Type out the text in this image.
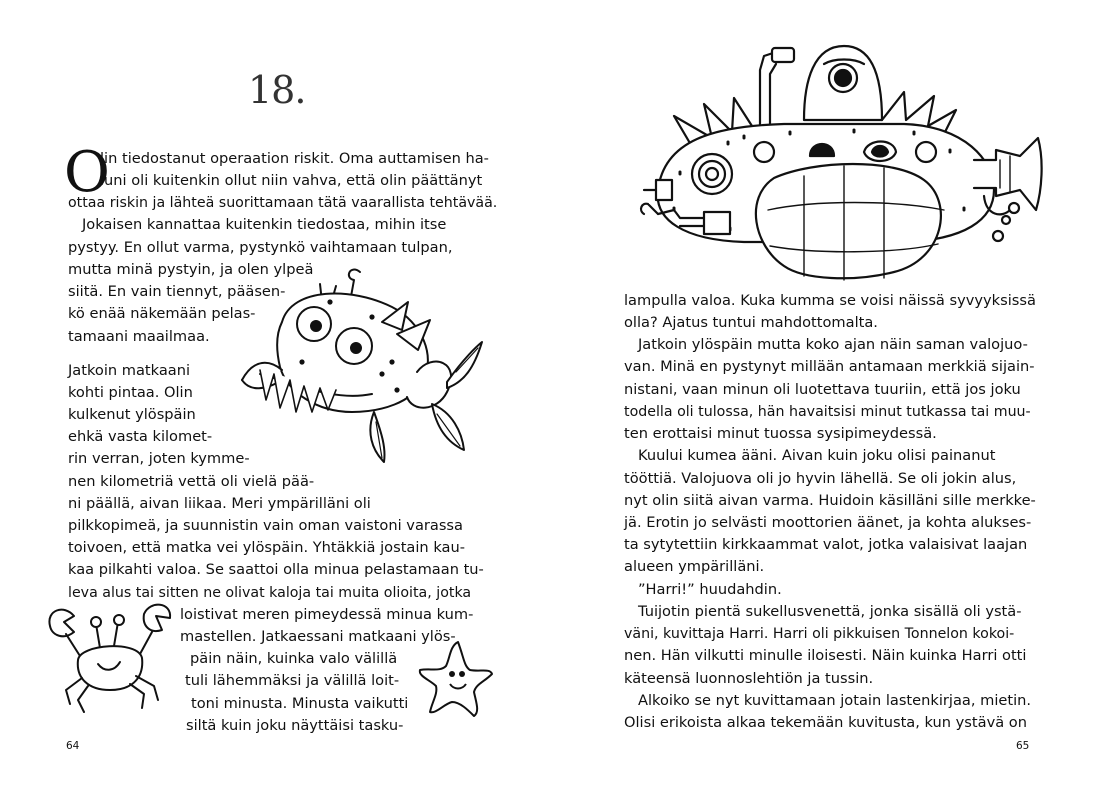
18.
O
lin tiedostanut operaation riskit. Oma auttamisen ha-
luni oli kuitenkin ollut niin vahva, että olin päättänyt
ottaa riskin ja lähteä suorittamaan tätä vaarallista tehtävää.
Jokaisen kannattaa kuitenkin tiedostaa, mihin itse
pystyy. En ollut varma, pystynkö vaihtamaan tulpan,
mutta minä pystyin, ja olen ylpeä
siitä. En vain tiennyt, pääsen-
kö enää näkemään pelas-
tamaani maailmaa.
Jatkoin matkaani
kohti pintaa. Olin
kulkenut ylöspäin
ehkä vasta kilomet-
rin verran, joten kymme-
nen kilometriä vettä oli vielä pää-
ni päällä, aivan liikaa. Meri ympärilläni oli
pilkkopimeä, ja suunnistin vain oman vaistoni varassa
toivoen, että matka vei ylöspäin. Yhtäkkiä jostain kau-
kaa pilkahti valoa. Se saattoi olla minua pelastamaan tu-
leva alus tai sitten ne olivat kaloja tai muita olioita, jotka
loistivat meren pimeydessä minua kum-
mastellen. Jatkaessani matkaani ylös-
päin näin, kuinka valo välillä
tuli lähemmäksi ja välillä loit-
toni minusta. Minusta vaikutti
siltä kuin joku näyttäisi tasku-
64
lampulla valoa. Kuka kumma se voisi näissä syvyyksissä
olla? Ajatus tuntui mahdottomalta.
Jatkoin ylöspäin mutta koko ajan näin saman valojuo-
van. Minä en pystynyt millään antamaan merkkiä sijain-
nistani, vaan minun oli luotettava tuuriin, että jos joku
todella oli tulossa, hän havaitsisi minut tutkassa tai muu-
ten erottaisi minut tuossa sysipimeydessä.
Kuului kumea ääni. Aivan kuin joku olisi painanut
tööttiä. Valojuova oli jo hyvin lähellä. Se oli jokin alus,
nyt olin siitä aivan varma. Huidoin käsilläni sille merkke-
jä. Erotin jo selvästi moottorien äänet, ja kohta alukses-
ta sytytettiin kirkkaammat valot, jotka valaisivat laajan
alueen ympärilläni.
”Harri!” huudahdin.
Tuijotin pientä sukellusvenettä, jonka sisällä oli ystä-
väni, kuvittaja Harri. Harri oli pikkuisen Tonnelon kokoi-
nen. Hän vilkutti minulle iloisesti. Näin kuinka Harri otti
käteensä luonnoslehtiön ja tussin.
Alkoiko se nyt kuvittamaan jotain lastenkirjaa, mietin.
Olisi erikoista alkaa tekemään kuvitusta, kun ystävä on
65
